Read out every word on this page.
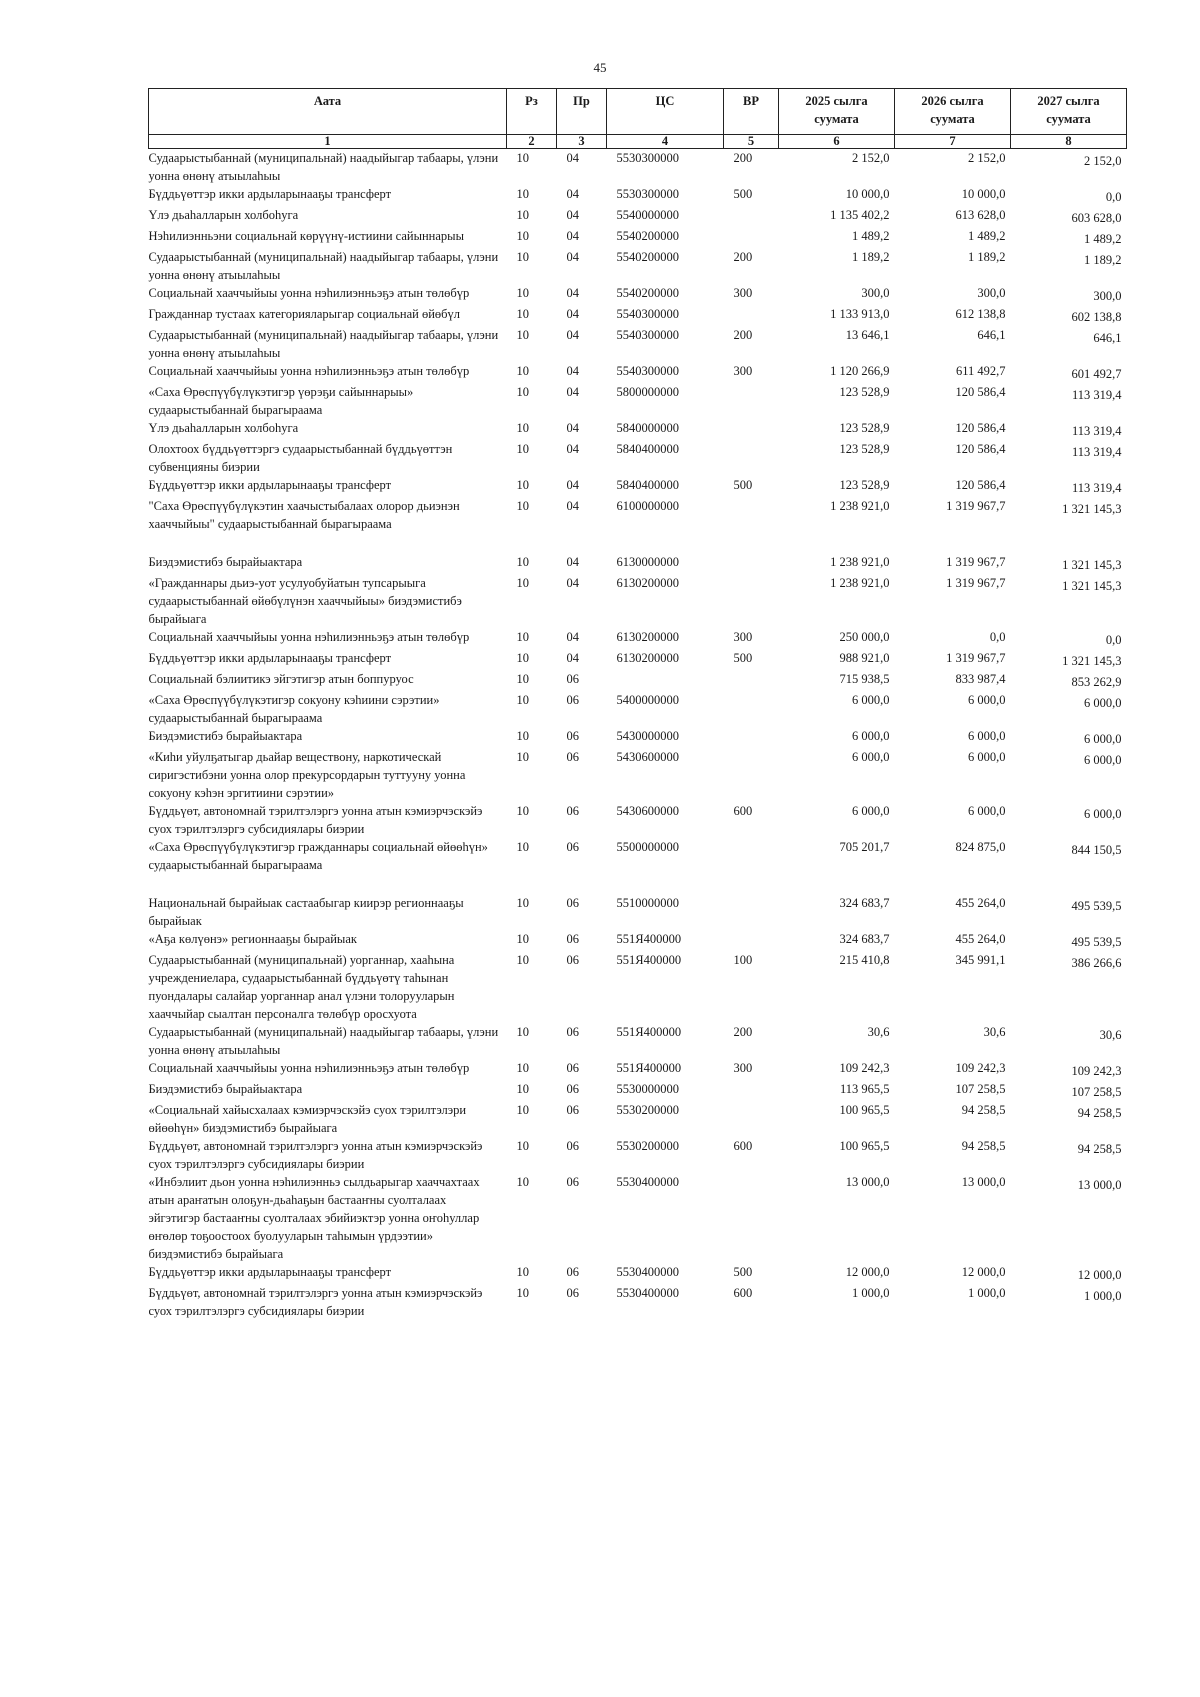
45
Аата	Рз	Пр	ЦС	ВР	2025 сылга суумата	2026 сылга суумата	2027 сылга суумата
1	2	3	4	5	6	7	8
Судаарыстыбаннай (муниципальнай) наадыйыгар табаары, үлэни уонна өнөнү атыылаһыы	10	04	5530300000	200	2 152,0	2 152,0	2 152,0
Бүддьүөттэр икки ардыларынааҕы трансферт	10	04	5530300000	500	10 000,0	10 000,0	0,0
Үлэ дьаһалларын холбоһуга	10	04	5540000000		1 135 402,2	613 628,0	603 628,0
Нэһилиэнньэни социальнай көрүүнү-истиини сайыннарыы	10	04	5540200000		1 489,2	1 489,2	1 489,2
Судаарыстыбаннай (муниципальнай) наадыйыгар табаары, үлэни уонна өнөнү атыылаһыы	10	04	5540200000	200	1 189,2	1 189,2	1 189,2
Социальнай хааччыйыы уонна нэһилиэнньэҕэ атын төлөбүр	10	04	5540200000	300	300,0	300,0	300,0
Гражданнар тустаах категорияларыгар социальнай өйөбүл	10	04	5540300000		1 133 913,0	612 138,8	602 138,8
Судаарыстыбаннай (муниципальнай) наадыйыгар табаары, үлэни уонна өнөнү атыылаһыы	10	04	5540300000	200	13 646,1	646,1	646,1
Социальнай хааччыйыы уонна нэһилиэнньэҕэ атын төлөбүр	10	04	5540300000	300	1 120 266,9	611 492,7	601 492,7
«Саха Өрөспүүбүлүкэтигэр үөрэҕи сайыннарыы» судаарыстыбаннай бырагыраама	10	04	5800000000		123 528,9	120 586,4	113 319,4
Үлэ дьаһалларын холбоһуга	10	04	5840000000		123 528,9	120 586,4	113 319,4
Олохтоох бүддьүөттэргэ судаарыстыбаннай бүддьүөттэн субвенцияны биэрии	10	04	5840400000		123 528,9	120 586,4	113 319,4
Бүддьүөттэр икки ардыларынааҕы трансферт	10	04	5840400000	500	123 528,9	120 586,4	113 319,4
"Саха Өрөспүүбүлүкэтин хаачыстыбалаах олорор дьиэнэн хааччыйыы" судаарыстыбаннай бырагыраама	10	04	6100000000		1 238 921,0	1 319 967,7	1 321 145,3

Биэдэмистибэ бырайыактара	10	04	6130000000		1 238 921,0	1 319 967,7	1 321 145,3
«Гражданнары дьиэ-уот усулуобуйатын тупсарыыга судаарыстыбаннай өйөбүлүнэн хааччыйыы» биэдэмистибэ бырайыага	10	04	6130200000		1 238 921,0	1 319 967,7	1 321 145,3
Социальнай хааччыйыы уонна нэһилиэнньэҕэ атын төлөбүр	10	04	6130200000	300	250 000,0	0,0	0,0
Бүддьүөттэр икки ардыларынааҕы трансферт	10	04	6130200000	500	988 921,0	1 319 967,7	1 321 145,3
Социальнай бэлиитикэ эйгэтигэр атын боппуруос	10	06			715 938,5	833 987,4	853 262,9
«Саха Өрөспүүбүлүкэтигэр сокуону кэһиини сэрэтии» судаарыстыбаннай бырагыраама	10	06	5400000000		6 000,0	6 000,0	6 000,0
Биэдэмистибэ бырайыактара	10	06	5430000000		6 000,0	6 000,0	6 000,0
«Киһи уйулҕатыгар дьайар веществону, наркотическай сиригэстибэни уонна олор прекурсордарын туттууну уонна сокуону кэһэн эргитиини сэрэтии»	10	06	5430600000		6 000,0	6 000,0	6 000,0
Бүддьүөт, автономнай тэрилтэлэргэ уонна атын кэмиэрчэскэйэ суох тэрилтэлэргэ субсидиялары биэрии	10	06	5430600000	600	6 000,0	6 000,0	6 000,0
«Саха Өрөспүүбүлүкэтигэр гражданнары социальнай өйөөһүн» судаарыстыбаннай бырагыраама	10	06	5500000000		705 201,7	824 875,0	844 150,5

Национальнай бырайыак састаабыгар киирэр регионнааҕы бырайыак	10	06	5510000000		324 683,7	455 264,0	495 539,5
«Аҕа көлүөнэ» регионнааҕы бырайыак	10	06	551Я400000		324 683,7	455 264,0	495 539,5
Судаарыстыбаннай (муниципальнай) уорганнар, хааһына учреждениелара, судаарыстыбаннай бүддьүөтү таһынан пуондалары салайар уорганнар анал үлэни толорууларын хааччыйар сыалтан персоналга төлөбүр оросхуота	10	06	551Я400000	100	215 410,8	345 991,1	386 266,6
Судаарыстыбаннай (муниципальнай) наадыйыгар табаары, үлэни уонна өнөнү атыылаһыы	10	06	551Я400000	200	30,6	30,6	30,6
Социальнай хааччыйыы уонна нэһилиэнньэҕэ атын төлөбүр	10	06	551Я400000	300	109 242,3	109 242,3	109 242,3
Биэдэмистибэ бырайыактара	10	06	5530000000		113 965,5	107 258,5	107 258,5
«Социальнай хайысхалаах кэмиэрчэскэйэ суох тэрилтэлэри өйөөһүн» биэдэмистибэ бырайыага	10	06	5530200000		100 965,5	94 258,5	94 258,5
Бүддьүөт, автономнай тэрилтэлэргэ уонна атын кэмиэрчэскэйэ суох тэрилтэлэргэ субсидиялары биэрии	10	06	5530200000	600	100 965,5	94 258,5	94 258,5
«Инбэлиит дьон уонна нэһилиэнньэ сылдьарыгар хааччахтаах атын араҥатын олоҕун-дьаһаҕын бастааҥны суолталаах эйгэтигэр бастааҥны суолталаах эбийиэктэр уонна оҥоһуллар өҥөлөр тоҕоостоох буолууларын таһымын үрдээтии» биэдэмистибэ бырайыага	10	06	5530400000		13 000,0	13 000,0	13 000,0
Бүддьүөттэр икки ардыларынааҕы трансферт	10	06	5530400000	500	12 000,0	12 000,0	12 000,0
Бүддьүөт, автономнай тэрилтэлэргэ уонна атын кэмиэрчэскэйэ суох тэрилтэлэргэ субсидиялары биэрии	10	06	5530400000	600	1 000,0	1 000,0	1 000,0
